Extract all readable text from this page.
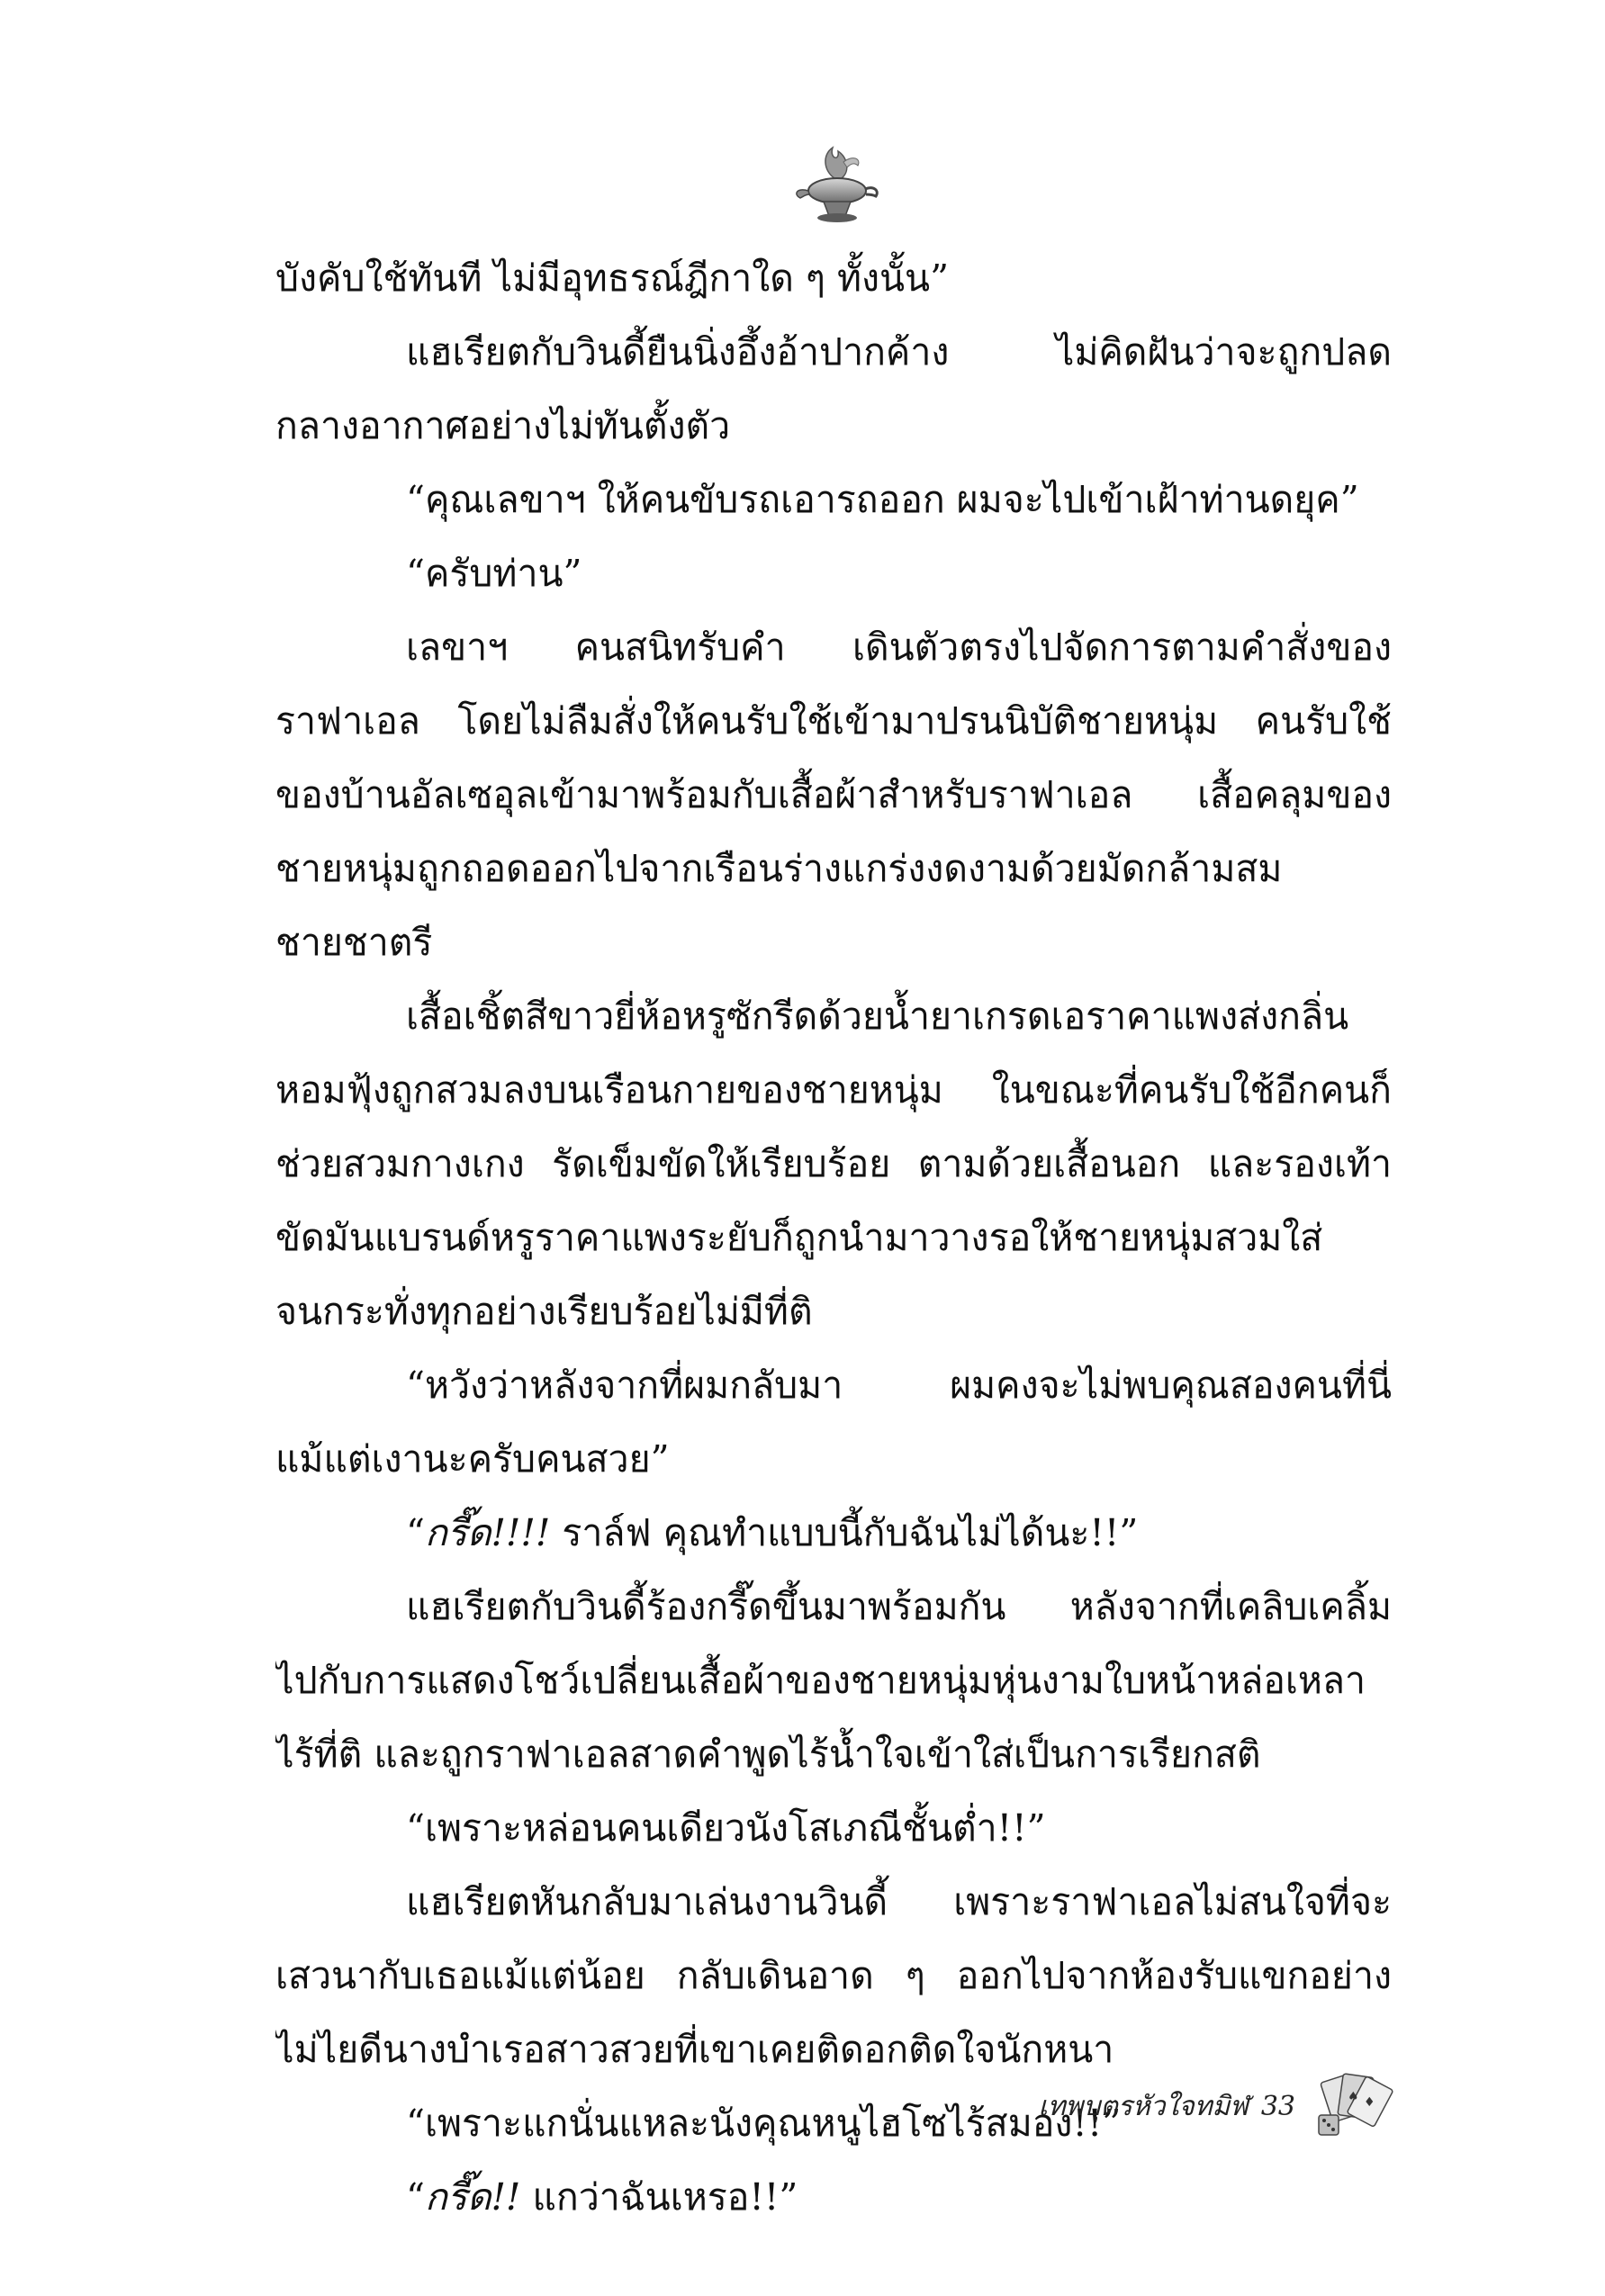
บังคับใช้ทันที ไม่มีอุทธรณ์ฎีกาใด ๆ ทั้งนั้น”
แฮเรียตกับวินดี้ยืนนิ่งอึ้งอ้าปากค้าง ไม่คิดฝันว่าจะถูกปลด
กลางอากาศอย่างไม่ทันตั้งตัว
“คุณเลขาฯ ให้คนขับรถเอารถออก ผมจะไปเข้าเฝ้าท่านดยุค”
“ครับท่าน”
เลขาฯ คนสนิทรับคำ เดินตัวตรงไปจัดการตามคำสั่งของ
ราฟาเอล โดยไม่ลืมสั่งให้คนรับใช้เข้ามาปรนนิบัติชายหนุ่ม คนรับใช้
ของบ้านอัลเซอุลเข้ามาพร้อมกับเสื้อผ้าสำหรับราฟาเอล เสื้อคลุมของ
ชายหนุ่มถูกถอดออกไปจากเรือนร่างแกร่งงดงามด้วยมัดกล้ามสม
ชายชาตรี
เสื้อเชิ้ตสีขาวยี่ห้อหรูซักรีดด้วยน้ำยาเกรดเอราคาแพงส่งกลิ่น
หอมฟุ้งถูกสวมลงบนเรือนกายของชายหนุ่ม ในขณะที่คนรับใช้อีกคนก็
ช่วยสวมกางเกง รัดเข็มขัดให้เรียบร้อย ตามด้วยเสื้อนอก และรองเท้า
ขัดมันแบรนด์หรูราคาแพงระยับก็ถูกนำมาวางรอให้ชายหนุ่มสวมใส่
จนกระทั่งทุกอย่างเรียบร้อยไม่มีที่ติ
“หวังว่าหลังจากที่ผมกลับมา ผมคงจะไม่พบคุณสองคนที่นี่
แม้แต่เงานะครับคนสวย”
“กรี๊ด!!!! ราล์ฟ คุณทำแบบนี้กับฉันไม่ได้นะ!!”
แฮเรียตกับวินดี้ร้องกรี๊ดขึ้นมาพร้อมกัน หลังจากที่เคลิบเคลิ้ม
ไปกับการแสดงโชว์เปลี่ยนเสื้อผ้าของชายหนุ่มหุ่นงามใบหน้าหล่อเหลา
ไร้ที่ติ และถูกราฟาเอลสาดคำพูดไร้น้ำใจเข้าใส่เป็นการเรียกสติ
“เพราะหล่อนคนเดียวนังโสเภณีชั้นต่ำ!!”
แฮเรียตหันกลับมาเล่นงานวินดี้ เพราะราฟาเอลไม่สนใจที่จะ
เสวนากับเธอแม้แต่น้อย กลับเดินอาด ๆ ออกไปจากห้องรับแขกอย่าง
ไม่ไยดีนางบำเรอสาวสวยที่เขาเคยติดอกติดใจนักหนา
“เพราะแกนั่นแหละนังคุณหนูไฮโซไร้สมอง!!”
“กรี๊ด!! แกว่าฉันเหรอ!!”
เทพบุตรหัวใจทมิฬ 33	♠ ♦
